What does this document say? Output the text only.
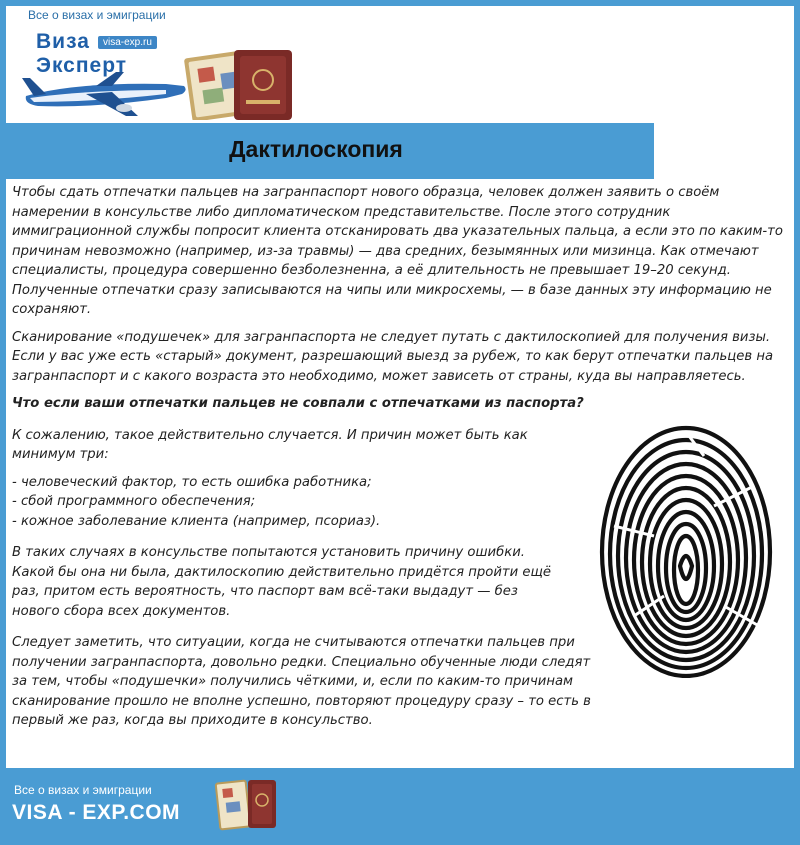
Все о визах и эмиграции
Виза
Эксперт
visa-exp.ru
Дактилоскопия

Чтобы сдать отпечатки пальцев на загранпаспорт нового образца, человек должен заявить о своём намерении в консульстве либо дипломатическом представительстве. После этого сотрудник иммиграционной службы попросит клиента отсканировать два указательных пальца, а если это по каким-то причинам невозможно (например, из-за травмы) — два средних, безымянных или мизинца. Как отмечают специалисты, процедура совершенно безболезненна, а её длительность не превышает 19–20 секунд. Полученные отпечатки сразу записываются на чипы или микросхемы, — в базе данных эту информацию не сохраняют.

Сканирование «подушечек» для загранпаспорта не следует путать с дактилоскопией для получения визы. Если у вас уже есть «старый» документ, разрешающий выезд за рубеж, то как берут отпечатки пальцев на загранпаспорт и с какого возраста это необходимо, может зависеть от страны, куда вы направляетесь.

Что если ваши отпечатки пальцев не совпали с отпечатками из паспорта?

К сожалению, такое действительно случается. И причин может быть как минимум три:

- человеческий фактор, то есть ошибка работника;
- сбой программного обеспечения;
- кожное заболевание клиента (например, псориаз).

В таких случаях в консульстве попытаются установить причину ошибки. Какой бы она ни была, дактилоскопию действительно придётся пройти ещё раз, притом есть вероятность, что паспорт вам всё-таки выдадут — без нового сбора всех документов.

Следует заметить, что ситуации, когда не считываются отпечатки пальцев при получении загранпаспорта, довольно редки. Специально обученные люди следят за тем, чтобы «подушечки» получились чёткими, и, если по каким-то причинам сканирование прошло не вполне успешно, повторяют процедуру сразу – то есть в первый же раз, когда вы приходите в консульство.

Все о визах и эмиграции
VISA - EXP.COM
